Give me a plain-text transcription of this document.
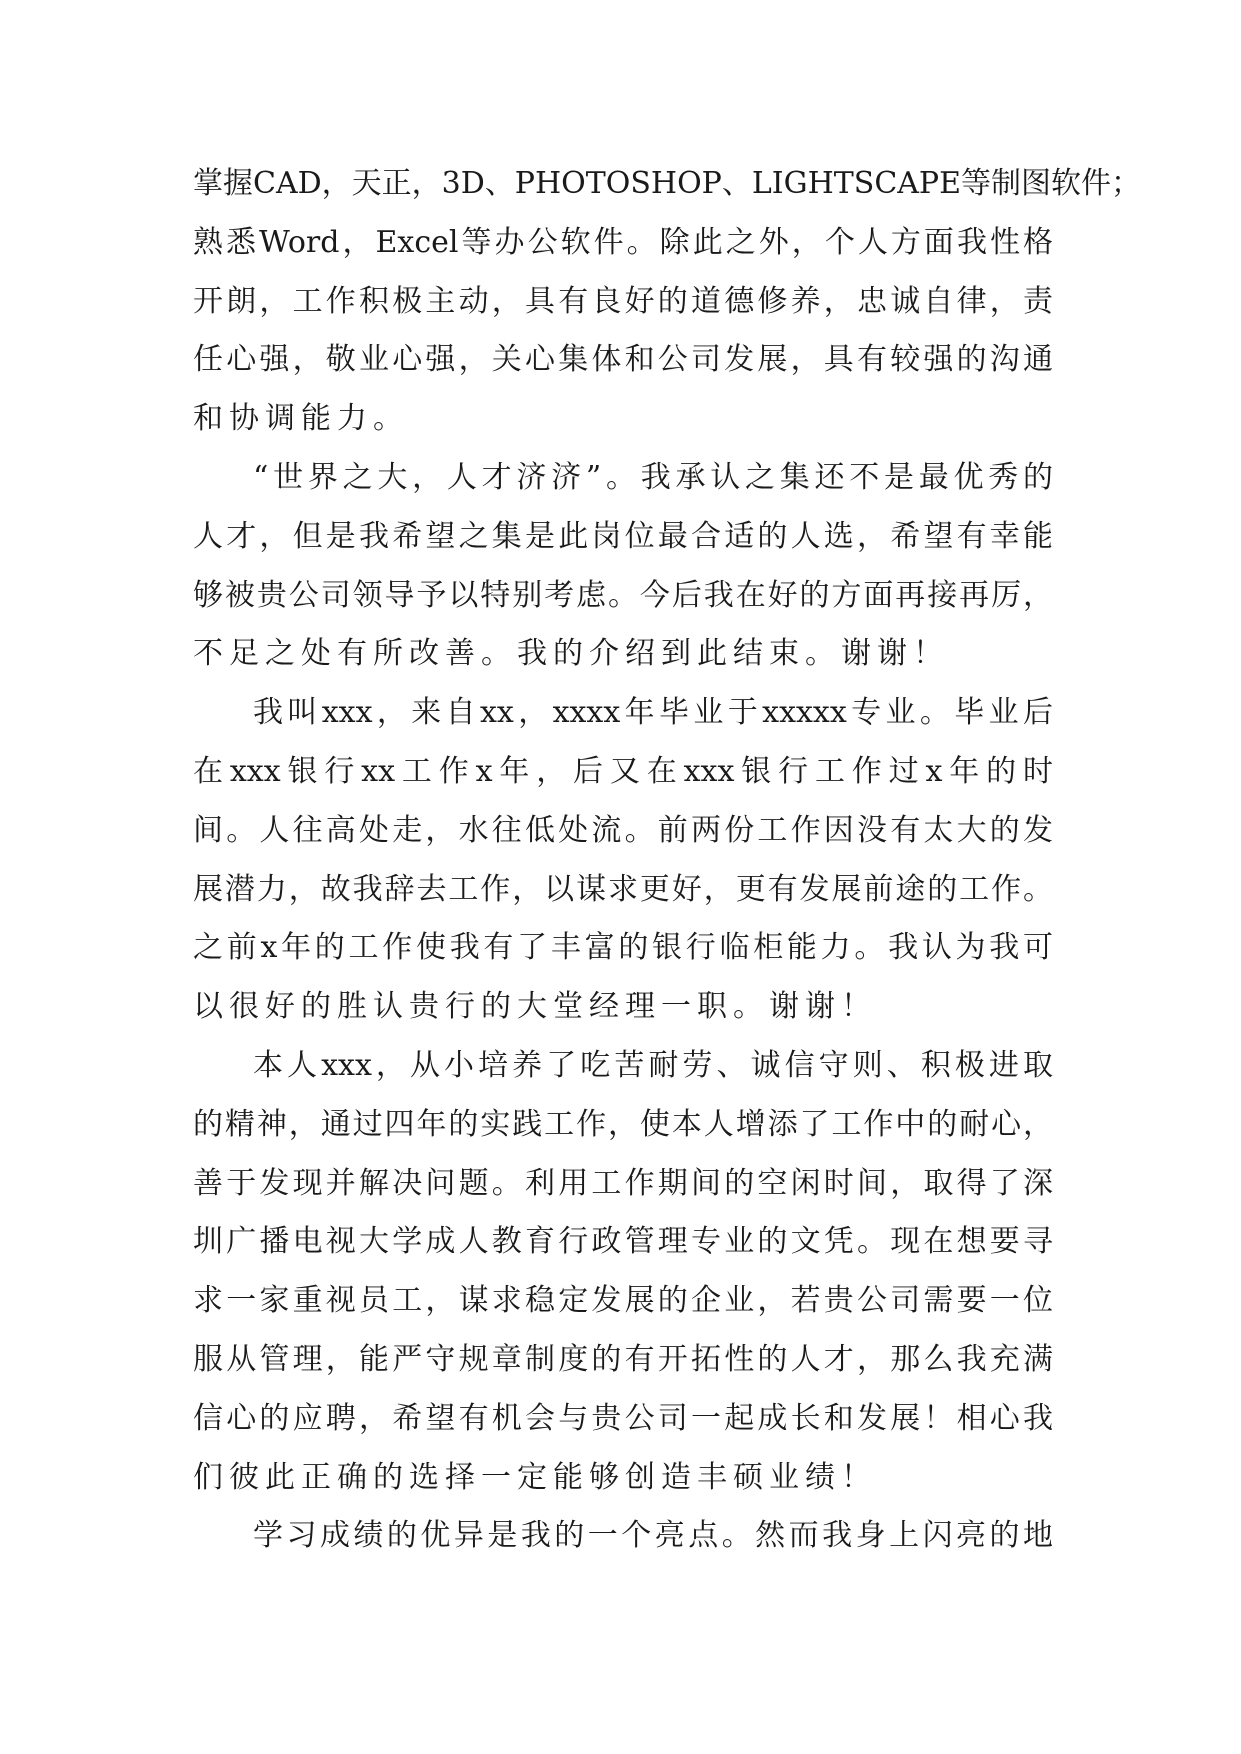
掌握CAD，天正，3D、PHOTOSHOP、LIGHTSCAPE等制图软件；
熟悉Word，Excel等办公软件。除此之外，个人方面我性格
开朗，工作积极主动，具有良好的道德修养，忠诚自律，责
任心强，敬业心强，关心集体和公司发展，具有较强的沟通
和协调能力。
“世界之大，人才济济”。我承认之集还不是最优秀的
人才，但是我希望之集是此岗位最合适的人选，希望有幸能
够被贵公司领导予以特别考虑。今后我在好的方面再接再厉，
不足之处有所改善。我的介绍到此结束。谢谢！
我叫xxx，来自xx，xxxx年毕业于xxxxx专业。毕业后
在xxx银行xx工作x年，后又在xxx银行工作过x年的时
间。人往高处走，水往低处流。前两份工作因没有太大的发
展潜力，故我辞去工作，以谋求更好，更有发展前途的工作。
之前x年的工作使我有了丰富的银行临柜能力。我认为我可
以很好的胜认贵行的大堂经理一职。谢谢！
本人xxx，从小培养了吃苦耐劳、诚信守则、积极进取
的精神，通过四年的实践工作，使本人增添了工作中的耐心，
善于发现并解决问题。利用工作期间的空闲时间，取得了深
圳广播电视大学成人教育行政管理专业的文凭。现在想要寻
求一家重视员工，谋求稳定发展的企业，若贵公司需要一位
服从管理，能严守规章制度的有开拓性的人才，那么我充满
信心的应聘，希望有机会与贵公司一起成长和发展！相心我
们彼此正确的选择一定能够创造丰硕业绩！
学习成绩的优异是我的一个亮点。然而我身上闪亮的地
